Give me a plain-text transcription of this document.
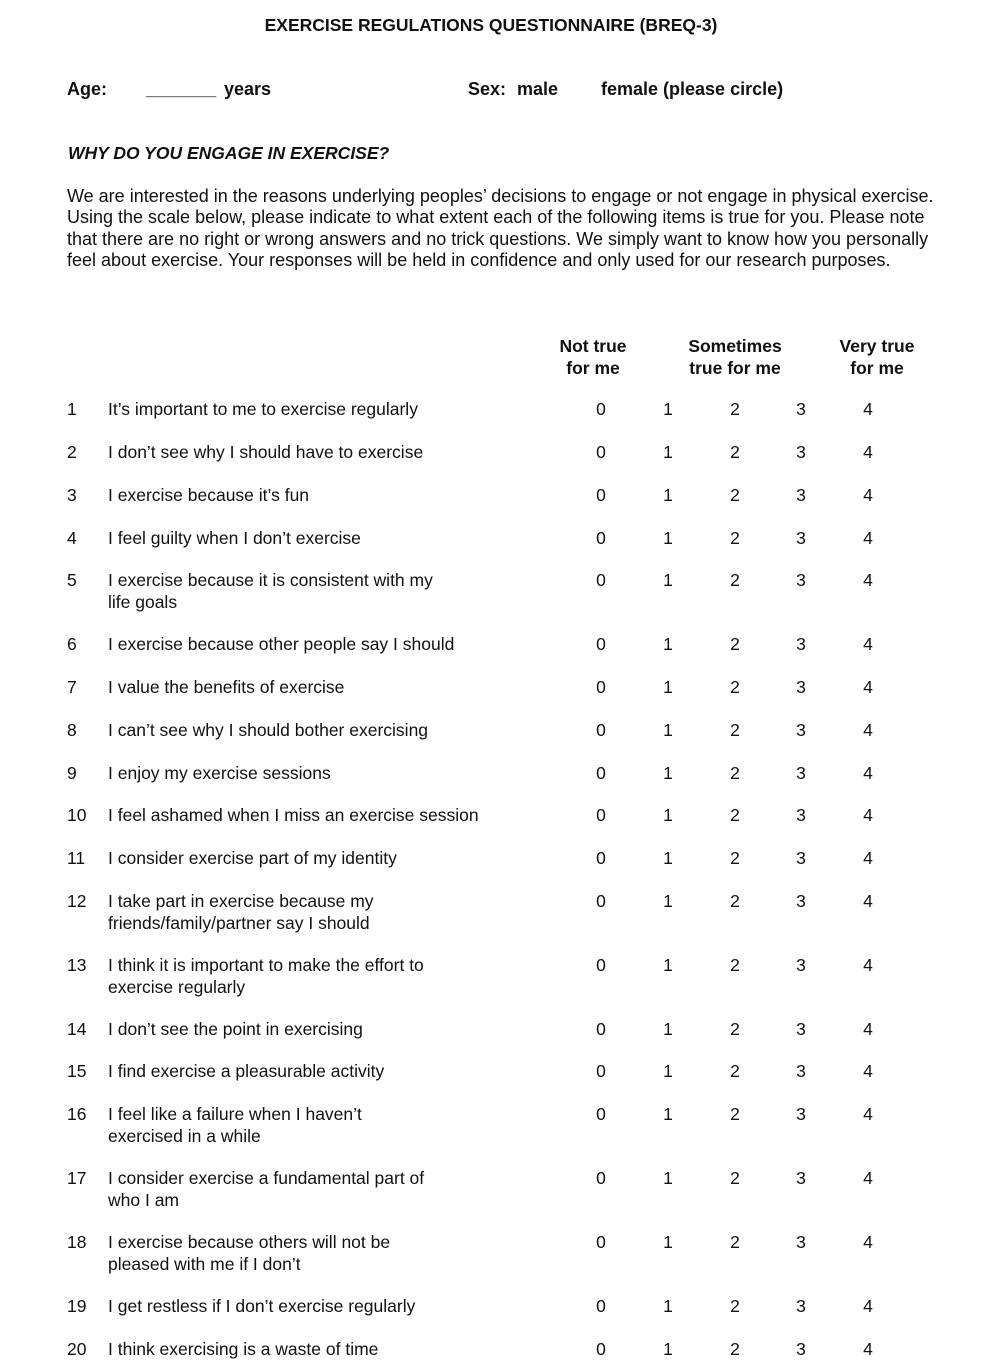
EXERCISE REGULATIONS QUESTIONNAIRE (BREQ-3)
Age: _______ years	Sex: male female (please circle)
WHY DO YOU ENGAGE IN EXERCISE?
We are interested in the reasons underlying peoples’ decisions to engage or not engage in physical exercise. Using the scale below, please indicate to what extent each of the following items is true for you. Please note that there are no right or wrong answers and no trick questions. We simply want to know how you personally feel about exercise. Your responses will be held in confidence and only used for our research purposes.
Not true
for me
Sometimes
true for me
Very true
for me
1 It’s important to me to exercise regularly	0	1	2	3	4
2 I don’t see why I should have to exercise	0	1	2	3	4
3 I exercise because it’s fun	0	1	2	3	4
4 I feel guilty when I don’t exercise	0	1	2	3	4
5 I exercise because it is consistent with my life goals
0	1	2	3	4
6 I exercise because other people say I should	0	1	2	3	4
7 I value the benefits of exercise	0	1	2	3	4
8 I can’t see why I should bother exercising	0	1	2	3	4
9 I enjoy my exercise sessions	0	1	2	3	4
10 I feel ashamed when I miss an exercise session	0	1	2	3	4
11 I consider exercise part of my identity	0	1	2	3	4
12 I take part in exercise because my friends/family/partner say I should
0	1	2	3	4
13 I think it is important to make the effort to exercise regularly
0	1	2	3	4
14 I don’t see the point in exercising	0	1	2	3	4
15 I find exercise a pleasurable activity	0	1	2	3	4
16 I feel like a failure when I haven’t exercised in a while
0	1	2	3	4
17 I consider exercise a fundamental part of who I am
0	1	2	3	4
18 I exercise because others will not be pleased with me if I don’t
0	1	2	3	4
19 I get restless if I don’t exercise regularly	0	1	2	3	4
20 I think exercising is a waste of time	0	1	2	3	4
